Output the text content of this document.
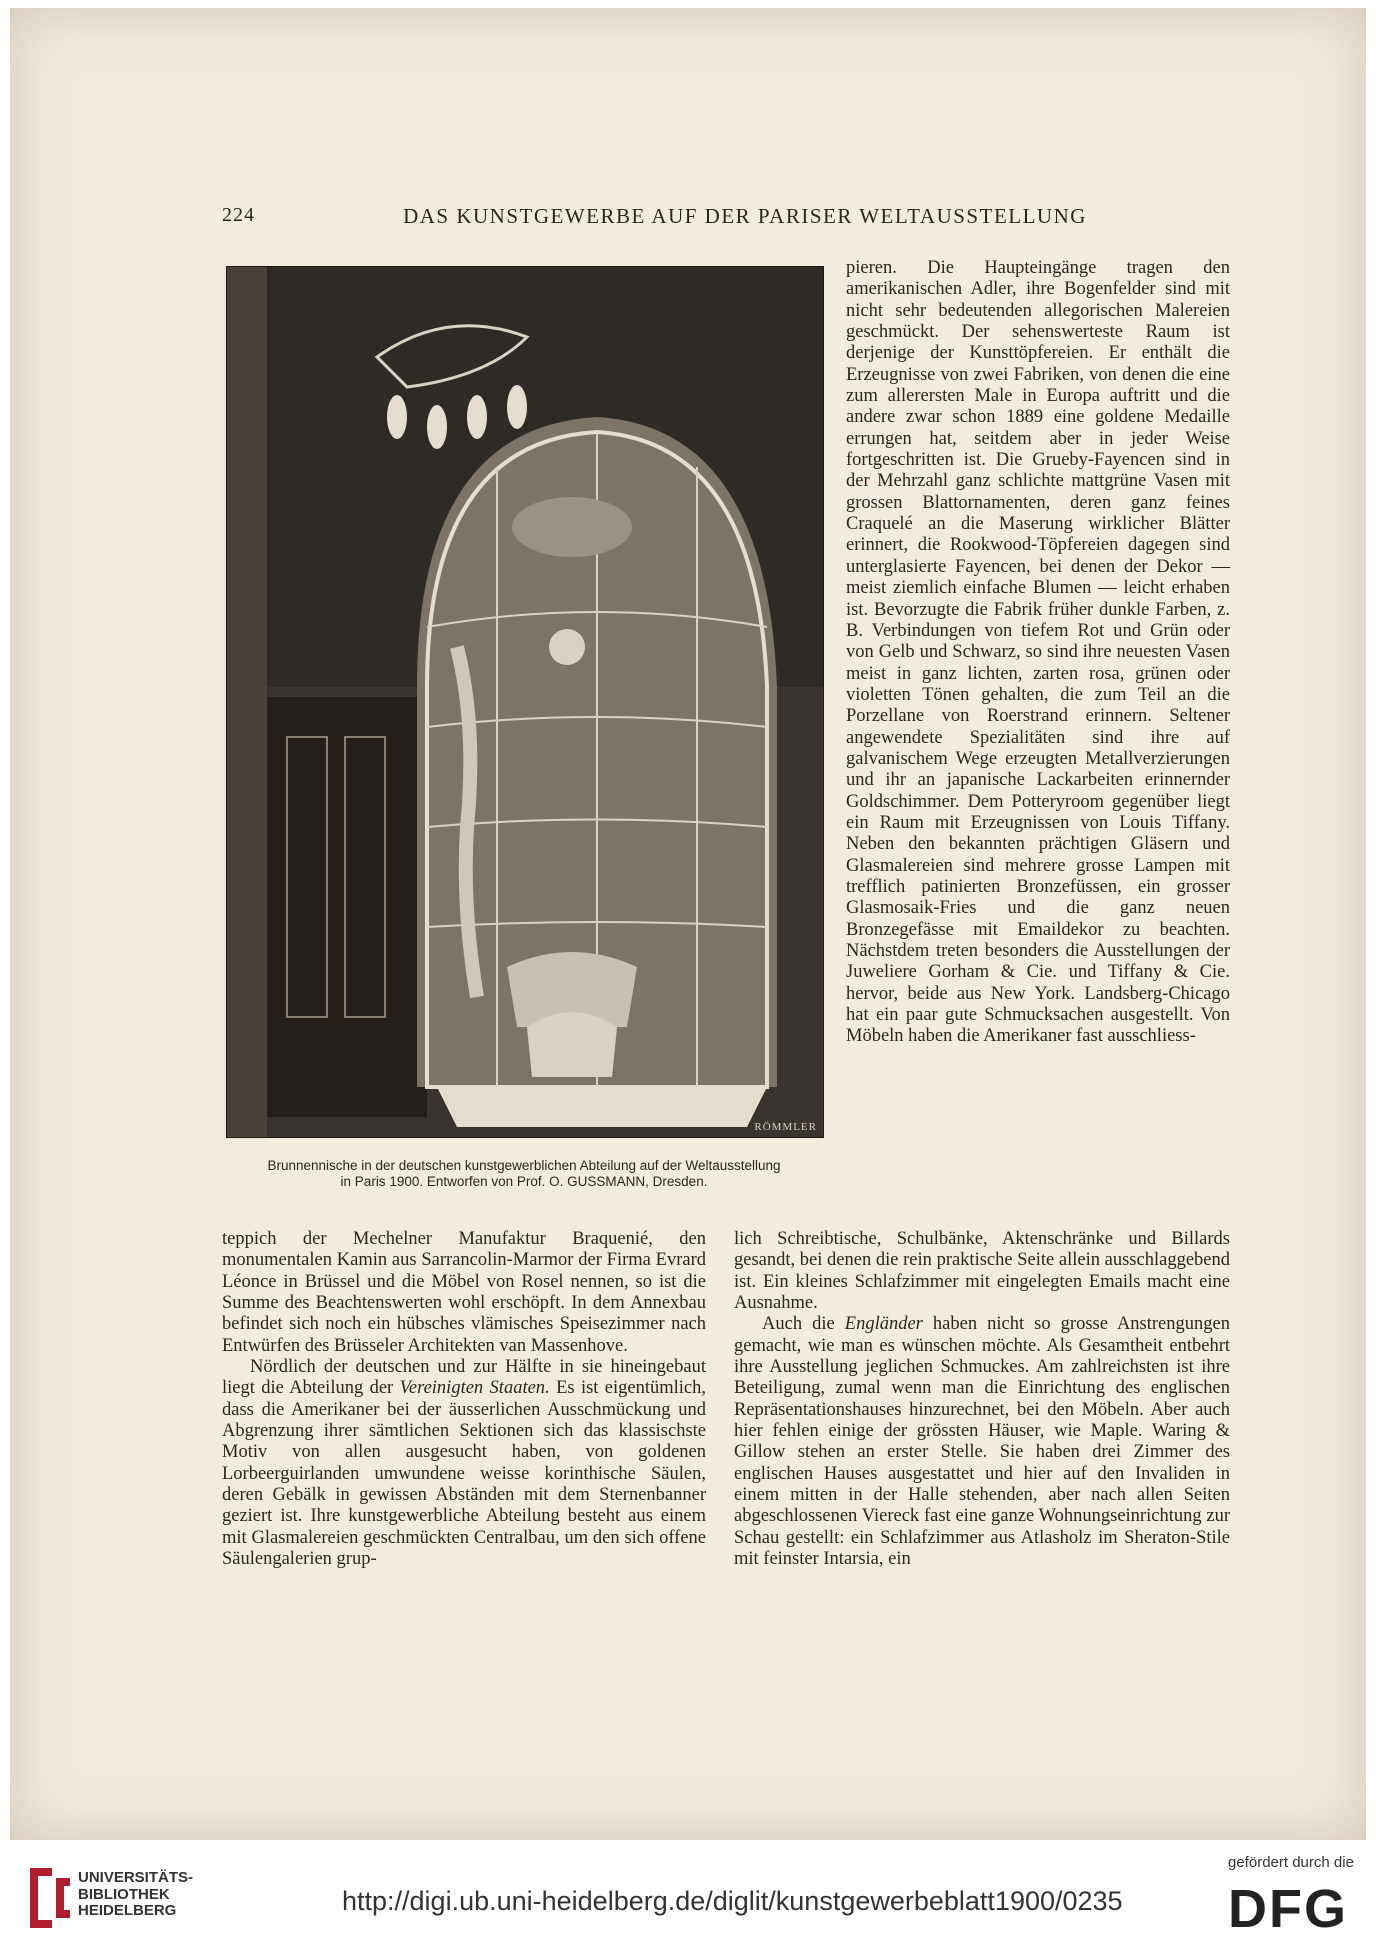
224	DAS KUNSTGEWERBE AUF DER PARISER WELTAUSSTELLUNG
RÖMMLER
Brunnennische in der deutschen kunstgewerblichen Abteilung auf der Weltausstellung
in Paris 1900. Entworfen von Prof. O. GUSSMANN, Dresden.

pieren. Die Haupteingänge tragen den amerikanischen Adler, ihre Bogenfelder sind mit nicht sehr bedeutenden allegorischen Malereien geschmückt. Der sehenswerteste Raum ist derjenige der Kunsttöpfereien. Er enthält die Erzeugnisse von zwei Fabriken, von denen die eine zum allerersten Male in Europa auftritt und die andere zwar schon 1889 eine goldene Medaille errungen hat, seitdem aber in jeder Weise fortgeschritten ist. Die Grueby-Fayencen sind in der Mehrzahl ganz schlichte mattgrüne Vasen mit grossen Blattornamenten, deren ganz feines Craquelé an die Maserung wirklicher Blätter erinnert, die Rookwood-Töpfereien dagegen sind unterglasierte Fayencen, bei denen der Dekor — meist ziemlich einfache Blumen — leicht erhaben ist. Bevorzugte die Fabrik früher dunkle Farben, z. B. Verbindungen von tiefem Rot und Grün oder von Gelb und Schwarz, so sind ihre neuesten Vasen meist in ganz lichten, zarten rosa, grünen oder violetten Tönen gehalten, die zum Teil an die Porzellane von Roerstrand erinnern. Seltener angewendete Spezialitäten sind ihre auf galvanischem Wege erzeugten Metallverzierungen und ihr an japanische Lackarbeiten erinnernder Goldschimmer. Dem Potteryroom gegenüber liegt ein Raum mit Erzeugnissen von Louis Tiffany. Neben den bekannten prächtigen Gläsern und Glasmalereien sind mehrere grosse Lampen mit trefflich patinierten Bronzefüssen, ein grosser Glasmosaik-Fries und die ganz neuen Bronzegefässe mit Emaildekor zu beachten. Nächstdem treten besonders die Ausstellungen der Juweliere Gorham & Cie. und Tiffany & Cie. hervor, beide aus New York. Landsberg-Chicago hat ein paar gute Schmucksachen ausgestellt. Von Möbeln haben die Amerikaner fast ausschliess-

teppich der Mechelner Manufaktur Braquenié, den monumentalen Kamin aus Sarrancolin-Marmor der Firma Evrard Léonce in Brüssel und die Möbel von Rosel nennen, so ist die Summe des Beachtenswerten wohl erschöpft. In dem Annexbau befindet sich noch ein hübsches vlämisches Speisezimmer nach Entwürfen des Brüsseler Architekten van Massenhove.

Nördlich der deutschen und zur Hälfte in sie hineingebaut liegt die Abteilung der Vereinigten Staaten. Es ist eigentümlich, dass die Amerikaner bei der äusserlichen Ausschmückung und Abgrenzung ihrer sämtlichen Sektionen sich das klassischste Motiv von allen ausgesucht haben, von goldenen Lorbeerguirlanden umwundene weisse korinthische Säulen, deren Gebälk in gewissen Abständen mit dem Sternenbanner geziert ist. Ihre kunstgewerbliche Abteilung besteht aus einem mit Glasmalereien geschmückten Centralbau, um den sich offene Säulengalerien grup-

lich Schreibtische, Schulbänke, Aktenschränke und Billards gesandt, bei denen die rein praktische Seite allein ausschlaggebend ist. Ein kleines Schlafzimmer mit eingelegten Emails macht eine Ausnahme.

Auch die Engländer haben nicht so grosse Anstrengungen gemacht, wie man es wünschen möchte. Als Gesamtheit entbehrt ihre Ausstellung jeglichen Schmuckes. Am zahlreichsten ist ihre Beteiligung, zumal wenn man die Einrichtung des englischen Repräsentationshauses hinzurechnet, bei den Möbeln. Aber auch hier fehlen einige der grössten Häuser, wie Maple. Waring & Gillow stehen an erster Stelle. Sie haben drei Zimmer des englischen Hauses ausgestattet und hier auf den Invaliden in einem mitten in der Halle stehenden, aber nach allen Seiten abgeschlossenen Viereck fast eine ganze Wohnungseinrichtung zur Schau gestellt: ein Schlafzimmer aus Atlasholz im Sheraton-Stile mit feinster Intarsia, ein

UNIVERSITÄTS-
BIBLIOTHEK
HEIDELBERG	http://digi.ub.uni-heidelberg.de/diglit/kunstgewerbeblatt1900/0235
gefördert durch die
DFG
